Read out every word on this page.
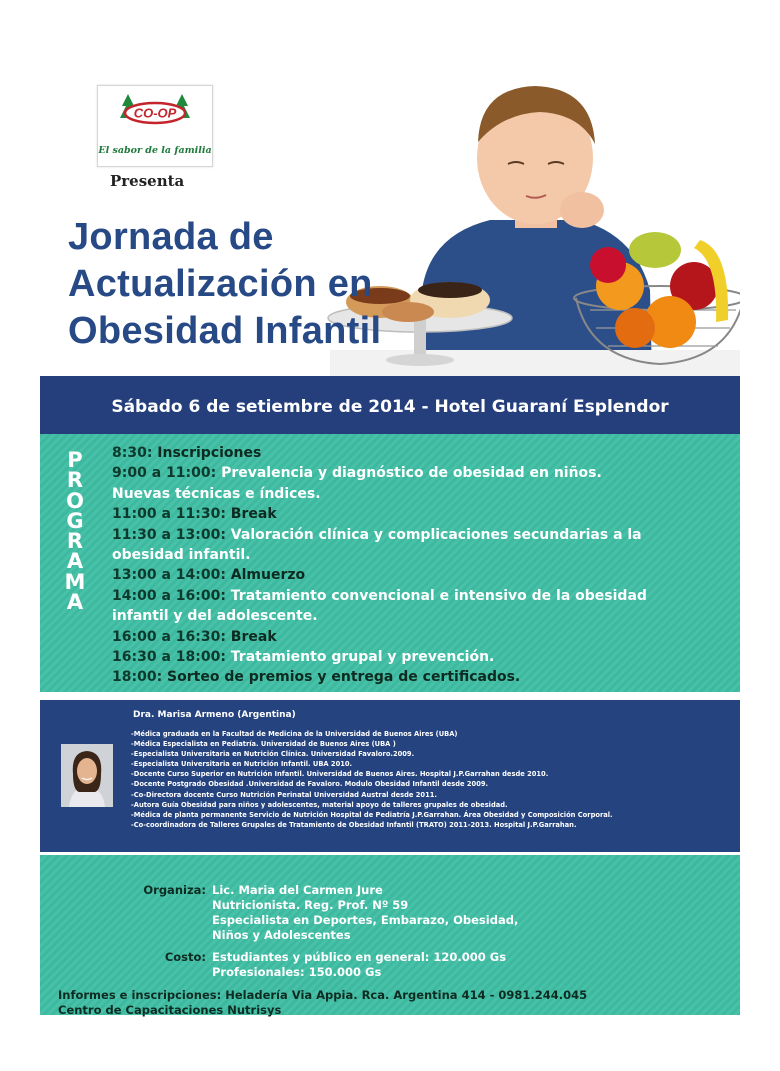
CO-OP
El sabor de la familia
Presenta
Jornada de
Actualización en
Obesidad Infantil
Sábado 6 de setiembre de 2014 - Hotel Guaraní Esplendor
P
R
O
G
R
A
M
A
8:30: Inscripciones
9:00 a 11:00: Prevalencia y diagnóstico de obesidad en niños.
Nuevas técnicas e índices.
11:00 a 11:30: Break
11:30 a 13:00: Valoración clínica y complicaciones secundarias a la
obesidad infantil.
13:00 a 14:00: Almuerzo
14:00 a 16:00: Tratamiento convencional e intensivo de la obesidad
infantil y del adolescente.
16:00 a 16:30: Break
16:30 a 18:00: Tratamiento grupal y prevención.
18:00: Sorteo de premios y entrega de certificados.
Dra. Marisa Armeno (Argentina)
-Médica graduada en la Facultad de Medicina de la Universidad de Buenos Aires (UBA)
-Médica Especialista en Pediatría. Universidad de Buenos Aires (UBA )
-Especialista Universitaria en Nutrición Clínica. Universidad Favaloro.2009.
-Especialista Universitaria en Nutrición Infantil. UBA 2010.
-Docente Curso Superior en Nutrición Infantil. Universidad de Buenos Aires. Hospital J.P.Garrahan desde 2010.
-Docente Postgrado Obesidad .Universidad de Favaloro. Modulo Obesidad Infantil desde 2009.
-Co-Directora docente Curso Nutrición Perinatal Universidad Austral desde 2011.
-Autora Guía Obesidad para niños y adolescentes, material apoyo de talleres grupales de obesidad.
-Médica de planta permanente Servicio de Nutrición Hospital de Pediatría J.P.Garrahan. Área Obesidad y Composición Corporal.
-Co-coordinadora de Talleres Grupales de Tratamiento de Obesidad Infantil (TRATO) 2011-2013. Hospital J.P.Garrahan.
Organiza: Lic. Maria del Carmen Jure
Nutricionista. Reg. Prof. Nº 59
Especialista en Deportes, Embarazo, Obesidad,
Niños y Adolescentes
Costo: Estudiantes y público en general: 120.000 Gs
Profesionales: 150.000 Gs
Informes e inscripciones: Heladería Via Appia. Rca. Argentina 414 - 0981.244.045
Centro de Capacitaciones Nutrisys
